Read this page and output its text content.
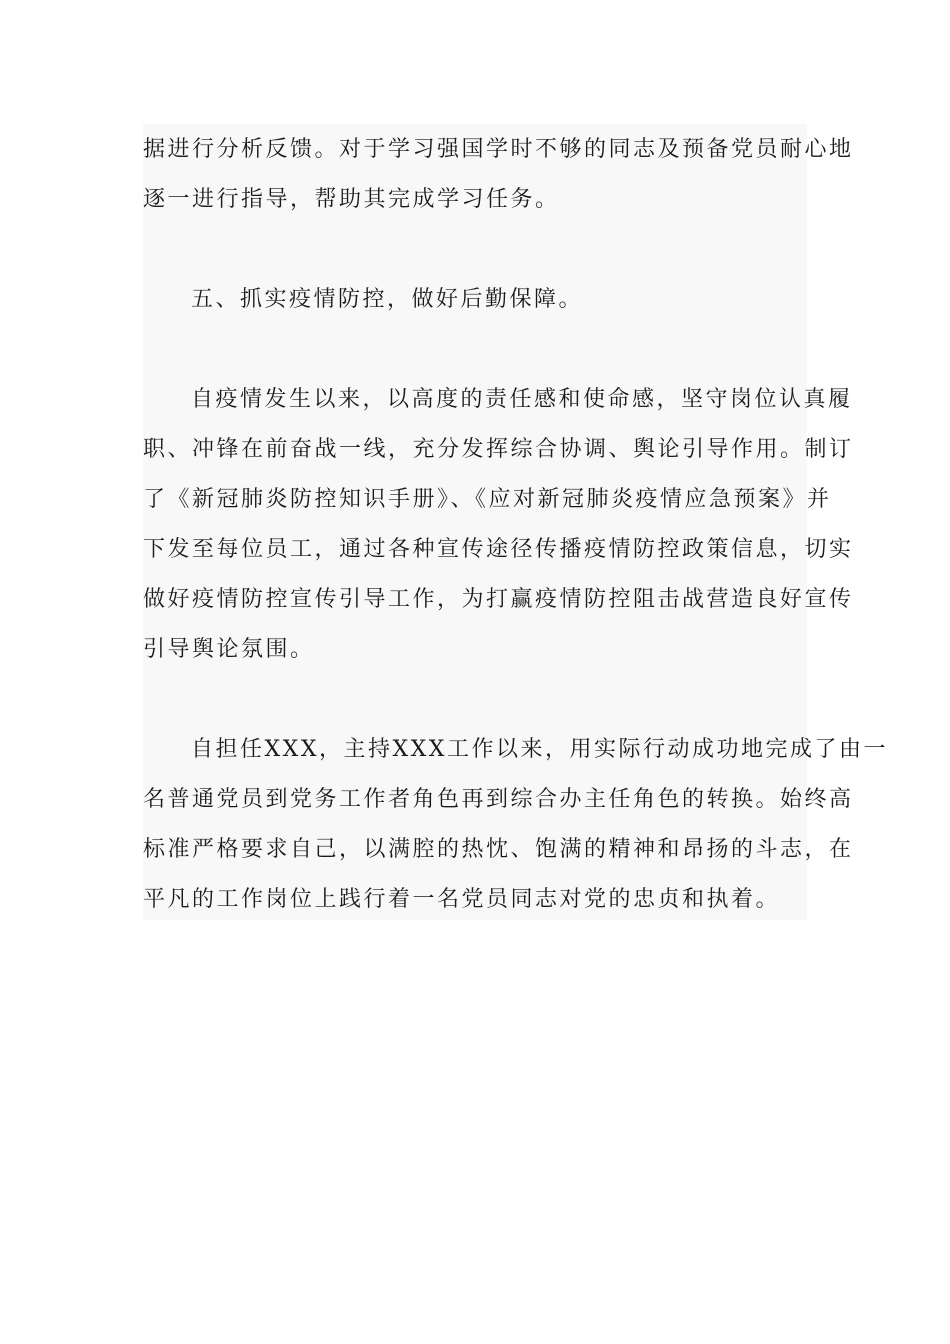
据进行分析反馈。对于学习强国学时不够的同志及预备党员耐心地
逐一进行指导，帮助其完成学习任务。
五、抓实疫情防控，做好后勤保障。
自疫情发生以来，以高度的责任感和使命感，坚守岗位认真履
职、冲锋在前奋战一线，充分发挥综合协调、舆论引导作用。制订
了《新冠肺炎防控知识手册》、《应对新冠肺炎疫情应急预案》并
下发至每位员工，通过各种宣传途径传播疫情防控政策信息，切实
做好疫情防控宣传引导工作，为打赢疫情防控阻击战营造良好宣传
引导舆论氛围。
自担任XXX，主持XXX工作以来，用实际行动成功地完成了由一
名普通党员到党务工作者角色再到综合办主任角色的转换。始终高
标准严格要求自己，以满腔的热忱、饱满的精神和昂扬的斗志，在
平凡的工作岗位上践行着一名党员同志对党的忠贞和执着。
